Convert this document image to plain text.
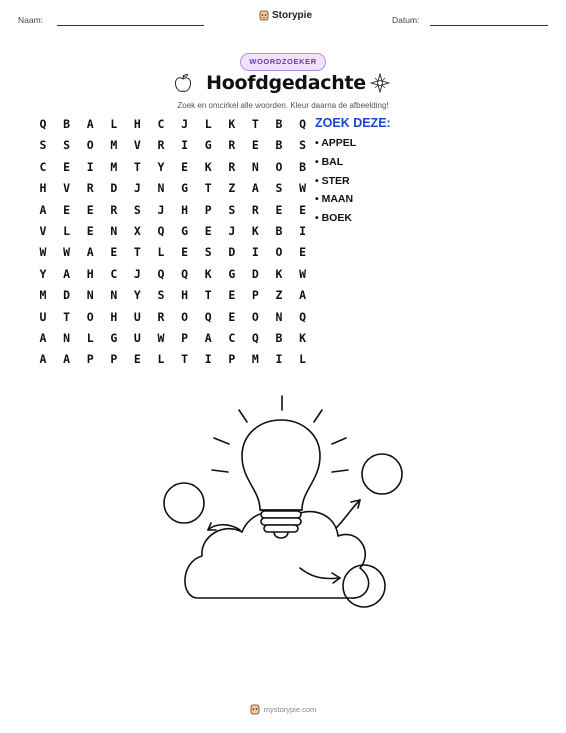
Naam:	Storypie	Datum:
WOORDZOEKER
Hoofdgedachte
Zoek en omcirkel alle woorden. Kleur daarna de afbeelding!
Q	B	A	L	H	C	J	L	K	T	B	Q
S	S	O	M	V	R	I	G	R	E	B	S
C	E	I	M	T	Y	E	K	R	N	O	B
H	V	R	D	J	N	G	T	Z	A	S	W
A	E	E	R	S	J	H	P	S	R	E	E
V	L	E	N	X	Q	G	E	J	K	B	I
W	W	A	E	T	L	E	S	D	I	O	E
Y	A	H	C	J	Q	Q	K	G	D	K	W
M	D	N	N	Y	S	H	T	E	P	Z	A
U	T	O	H	U	R	O	Q	E	O	N	Q
A	N	L	G	U	W	P	A	C	Q	B	K
A	A	P	P	E	L	T	I	P	M	I	L
ZOEK DEZE:
• APPEL
• BAL
• STER
• MAAN
• BOEK
mystorypie.com
